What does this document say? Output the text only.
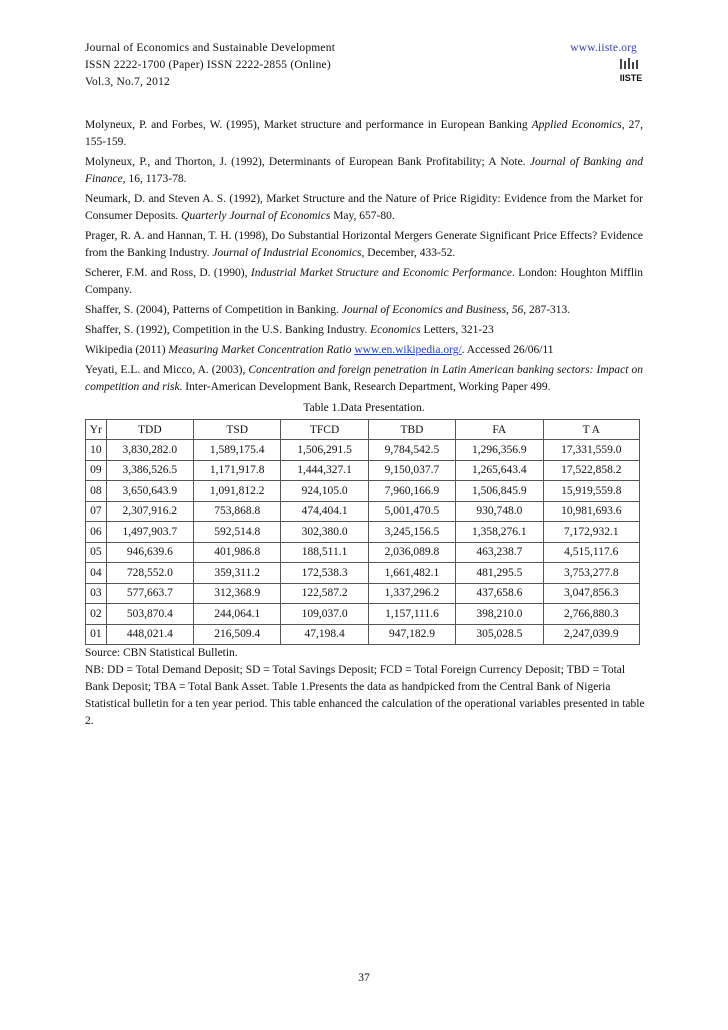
Journal of Economics and Sustainable Development
ISSN 2222-1700 (Paper) ISSN 2222-2855 (Online)
Vol.3, No.7, 2012
www.iiste.org
IISTE

Molyneux, P. and Forbes, W. (1995), Market structure and performance in European Banking Applied Economics, 27, 155-159.

Molyneux, P., and Thorton, J. (1992), Determinants of European Bank Profitability; A Note. Journal of Banking and Finance, 16, 1173-78.

Neumark, D. and Steven A. S. (1992), Market Structure and the Nature of Price Rigidity: Evidence from the Market for Consumer Deposits. Quarterly Journal of Economics May, 657-80.

Prager, R. A. and Hannan, T. H. (1998), Do Substantial Horizontal Mergers Generate Significant Price Effects? Evidence from the Banking Industry. Journal of Industrial Economics, December, 433-52.

Scherer, F.M. and Ross, D. (1990), Industrial Market Structure and Economic Performance. London: Houghton Mifflin Company.

Shaffer, S. (2004), Patterns of Competition in Banking. Journal of Economics and Business, 56, 287-313.

Shaffer, S. (1992), Competition in the U.S. Banking Industry. Economics Letters, 321-23

Wikipedia (2011) Measuring Market Concentration Ratio www.en.wikipedia.org/. Accessed 26/06/11

Yeyati, E.L. and Micco, A. (2003), Concentration and foreign penetration in Latin American banking sectors: Impact on competition and risk. Inter-American Development Bank, Research Department, Working Paper 499.

Table 1.Data Presentation.
Yr	TDD	TSD	TFCD	TBD	FA	T A
10	3,830,282.0	1,589,175.4	1,506,291.5	9,784,542.5	1,296,356.9	17,331,559.0
09	3,386,526.5	1,171,917.8	1,444,327.1	9,150,037.7	1,265,643.4	17,522,858.2
08	3,650,643.9	1,091,812.2	924,105.0	7,960,166.9	1,506,845.9	15,919,559.8
07	2,307,916.2	753,868.8	474,404.1	5,001,470.5	930,748.0	10,981,693.6
06	1,497,903.7	592,514.8	302,380.0	3,245,156.5	1,358,276.1	7,172,932.1
05	946,639.6	401,986.8	188,511.1	2,036,089.8	463,238.7	4,515,117.6
04	728,552.0	359,311.2	172,538.3	1,661,482.1	481,295.5	3,753,277.8
03	577,663.7	312,368.9	122,587.2	1,337,296.2	437,658.6	3,047,856.3
02	503,870.4	244,064.1	109,037.0	1,157,111.6	398,210.0	2,766,880.3
01	448,021.4	216,509.4	47,198.4	947,182.9	305,028.5	2,247,039.9

Source: CBN Statistical Bulletin.

NB: DD = Total Demand Deposit; SD = Total Savings Deposit; FCD = Total Foreign Currency Deposit; TBD = Total Bank Deposit; TBA = Total Bank Asset. Table 1.Presents the data as handpicked from the Central Bank of Nigeria Statistical bulletin for a ten year period. This table enhanced the calculation of the operational variables presented in table 2.

37
